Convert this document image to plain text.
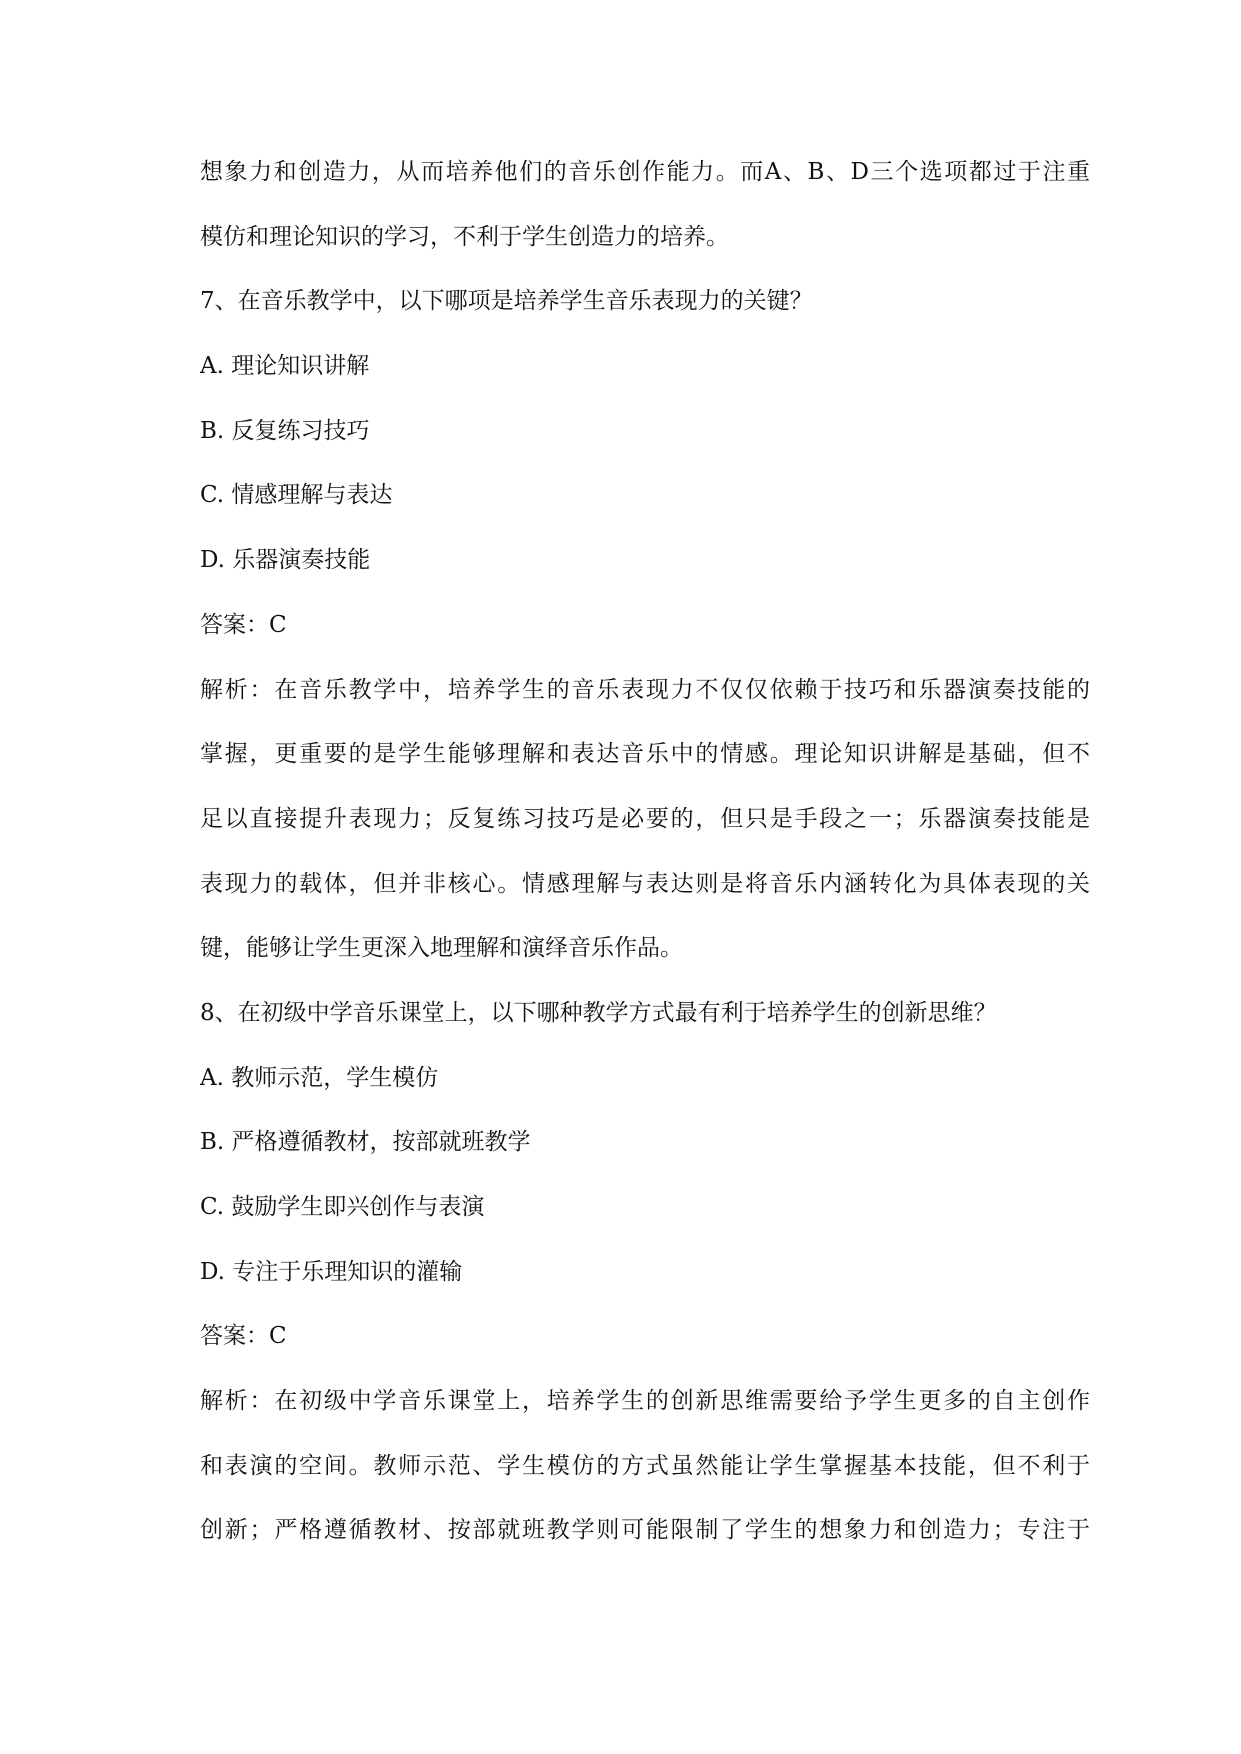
想象力和创造力，从而培养他们的音乐创作能力。而A、B、D三个选项都过于注重
模仿和理论知识的学习，不利于学生创造力的培养。
7、在音乐教学中，以下哪项是培养学生音乐表现力的关键？
A. 理论知识讲解
B. 反复练习技巧
C. 情感理解与表达
D. 乐器演奏技能
答案：C
解析：在音乐教学中，培养学生的音乐表现力不仅仅依赖于技巧和乐器演奏技能的
掌握，更重要的是学生能够理解和表达音乐中的情感。理论知识讲解是基础，但不
足以直接提升表现力；反复练习技巧是必要的，但只是手段之一；乐器演奏技能是
表现力的载体，但并非核心。情感理解与表达则是将音乐内涵转化为具体表现的关
键，能够让学生更深入地理解和演绎音乐作品。
8、在初级中学音乐课堂上，以下哪种教学方式最有利于培养学生的创新思维？
A. 教师示范，学生模仿
B. 严格遵循教材，按部就班教学
C. 鼓励学生即兴创作与表演
D. 专注于乐理知识的灌输
答案：C
解析：在初级中学音乐课堂上，培养学生的创新思维需要给予学生更多的自主创作
和表演的空间。教师示范、学生模仿的方式虽然能让学生掌握基本技能，但不利于
创新；严格遵循教材、按部就班教学则可能限制了学生的想象力和创造力；专注于
